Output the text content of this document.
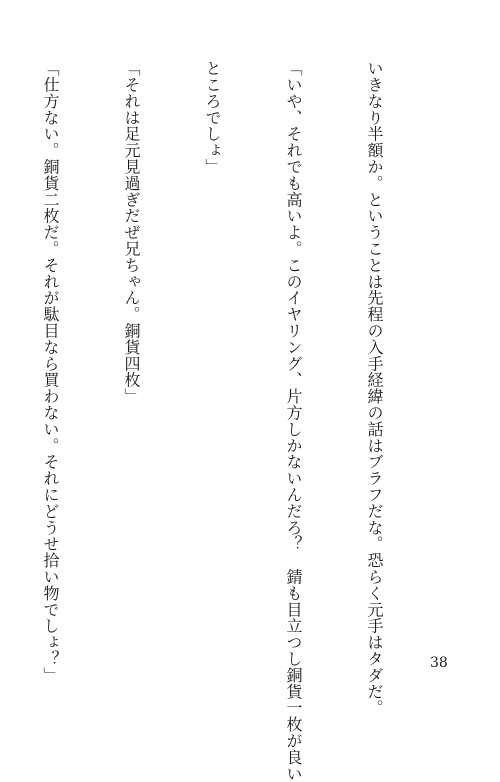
いきなり半額か。ということは先程の入手経緯の話はブラフだな。恐らく元手はタダだ。

「いや、それでも高いよ。このイヤリング、片方しかないんだろ？　錆も目立つし銅貨一枚が良い

ところでしょ」

「それは足元見過ぎだぜ兄ちゃん。銅貨四枚」

「仕方ない。銅貨二枚だ。それが駄目なら買わない。それにどうせ拾い物でしょ？」

	38
